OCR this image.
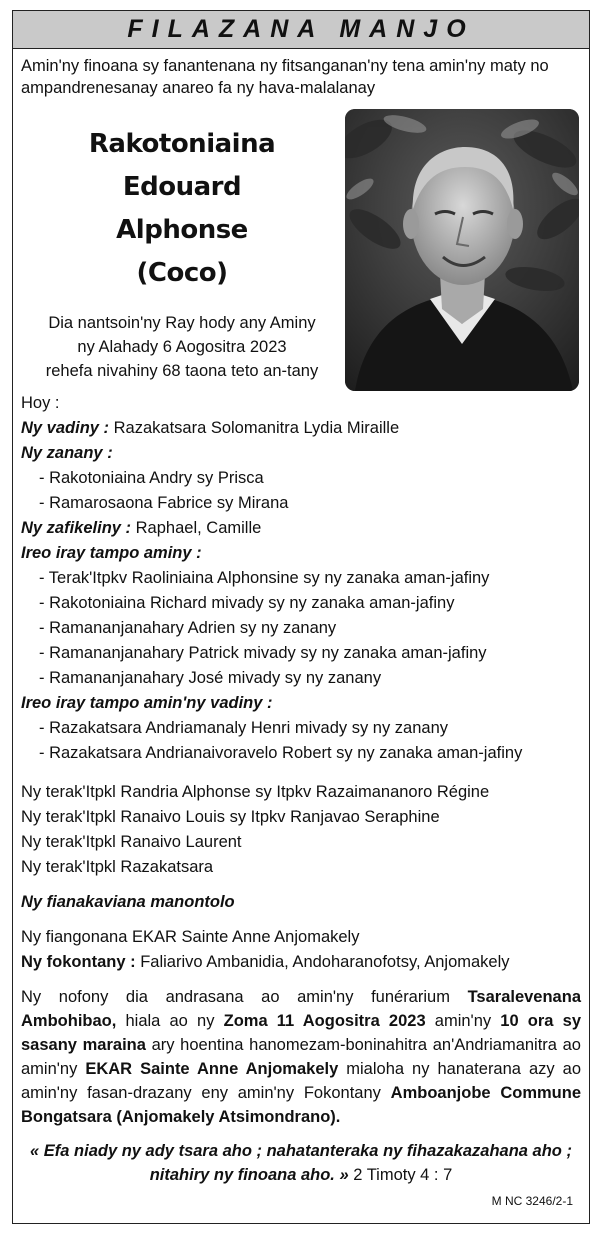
FILAZANA MANJO
Amin'ny finoana sy fanantenana ny fitsanganan'ny tena amin'ny maty no ampandrenesanay anareo fa ny hava-malalanay
Rakotoniaina
Edouard
Alphonse
(Coco)
Dia nantsoin'ny Ray hody any Aminy
ny Alahady 6 Aogositra 2023
rehefa nivahiny 68 taona teto an-tany
Hoy :
Ny vadiny : Razakatsara Solomanitra Lydia Miraille
Ny zanany :
- Rakotoniaina Andry sy Prisca
- Ramarosaona Fabrice sy Mirana
Ny zafikeliny : Raphael, Camille
Ireo iray tampo aminy :
- Terak'Itpkv Raoliniaina Alphonsine sy ny zanaka aman-jafiny
- Rakotoniaina Richard mivady sy ny zanaka aman-jafiny
- Ramananjanahary Adrien sy ny zanany
- Ramananjanahary Patrick mivady sy ny zanaka aman-jafiny
- Ramananjanahary José mivady sy ny zanany
Ireo iray tampo amin'ny vadiny :
- Razakatsara Andriamanaly Henri mivady sy ny zanany
- Razakatsara Andrianaivoravelo Robert sy ny zanaka aman-jafiny
Ny terak'Itpkl Randria Alphonse sy Itpkv Razaimananoro Régine
Ny terak'Itpkl Ranaivo Louis sy Itpkv Ranjavao Seraphine
Ny terak'Itpkl Ranaivo Laurent
Ny terak'Itpkl Razakatsara
Ny fianakaviana manontolo
Ny fiangonana EKAR Sainte Anne Anjomakely
Ny fokontany : Faliarivo Ambanidia, Andoharanofotsy, Anjomakely
Ny nofony dia andrasana ao amin'ny funérarium Tsaralevenana Ambohibao, hiala ao ny Zoma 11 Aogositra 2023 amin'ny 10 ora sy sasany maraina ary hoentina hanomezam-boninahitra an'Andriamanitra ao amin'ny EKAR Sainte Anne Anjomakely mialoha ny hanaterana azy ao amin'ny fasan-drazany eny amin'ny Fokontany Amboanjobe Commune Bongatsara (Anjomakely Atsimondrano).
« Efa niady ny ady tsara aho ; nahatanteraka ny fihazakazahana aho ; nitahiry ny finoana aho. » 2 Timoty 4 : 7
M NC 3246/2-1
